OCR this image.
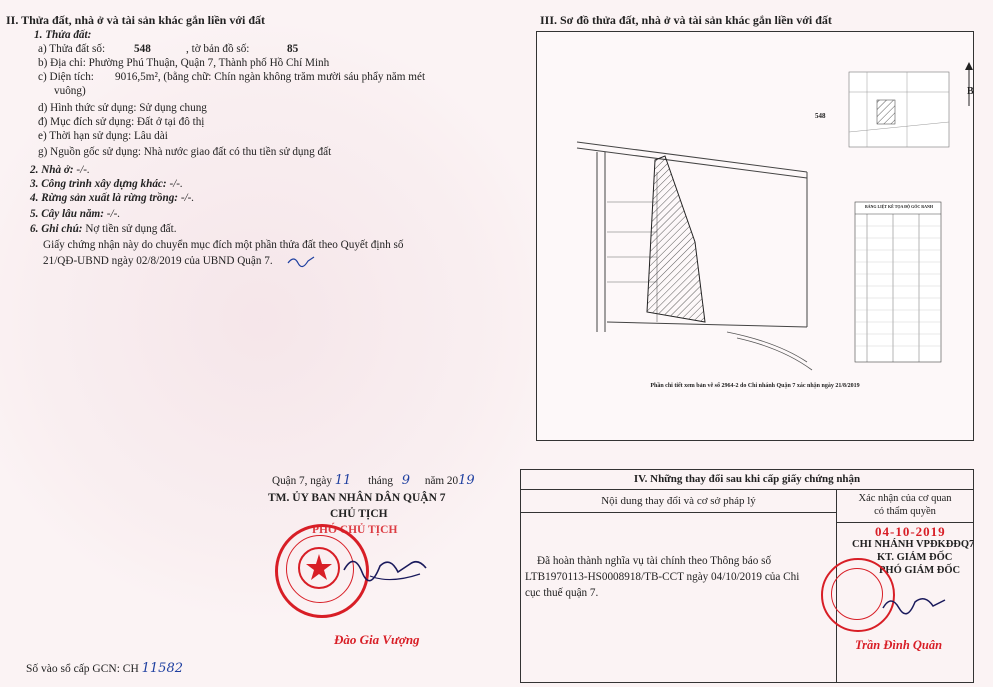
II. Thửa đất, nhà ở và tài sản khác gắn liền với đất
1. Thửa đất:
a) Thửa đất số:	548	, tờ bản đồ số:	85
b) Địa chỉ: Phường Phú Thuận, Quận 7, Thành phố Hồ Chí Minh
c) Diện tích: 9016,5m², (bằng chữ: Chín ngàn không trăm mười sáu phẩy năm mét
vuông)
d) Hình thức sử dụng: Sử dụng chung
đ) Mục đích sử dụng: Đất ở tại đô thị
e) Thời hạn sử dụng: Lâu dài
g) Nguồn gốc sử dụng: Nhà nước giao đất có thu tiền sử dụng đất
2. Nhà ở: -/-.
3. Công trình xây dựng khác: -/-.
4. Rừng sản xuất là rừng trồng: -/-.
5. Cây lâu năm: -/-.
6. Ghi chú: Nợ tiền sử dụng đất.
Giấy chứng nhận này do chuyển mục đích một phần thửa đất theo Quyết định số
21/QĐ-UBND ngày 02/8/2019 của UBND Quận 7.
III. Sơ đồ thửa đất, nhà ở và tài sản khác gắn liền với đất
548
BẢNG LIỆT KÊ TỌA ĐỘ GÓC RANH
Phần chi tiết xem bản vẽ số 2964-2 do Chi nhánh Quận 7 xác nhận ngày 21/8/2019
B
Quận 7, ngày 11 tháng 9 năm 2019
TM. ỦY BAN NHÂN DÂN QUẬN 7
CHỦ TỊCH
PHÓ CHỦ TỊCH
Đào Gia Vượng
Số vào sổ cấp GCN: CH 11582
IV. Những thay đổi sau khi cấp giấy chứng nhận
Nội dung thay đổi và cơ sở pháp lý	Xác nhận của cơ quan
có thẩm quyền
Đã hoàn thành nghĩa vụ tài chính theo Thông báo số
LTB1970113-HS0008918/TB-CCT ngày 04/10/2019 của Chi
cục thuế quận 7.
04-10-2019
CHI NHÁNH VPĐKĐĐQ7
KT. GIÁM ĐỐC
PHÓ GIÁM ĐỐC
Trần Đình Quân
